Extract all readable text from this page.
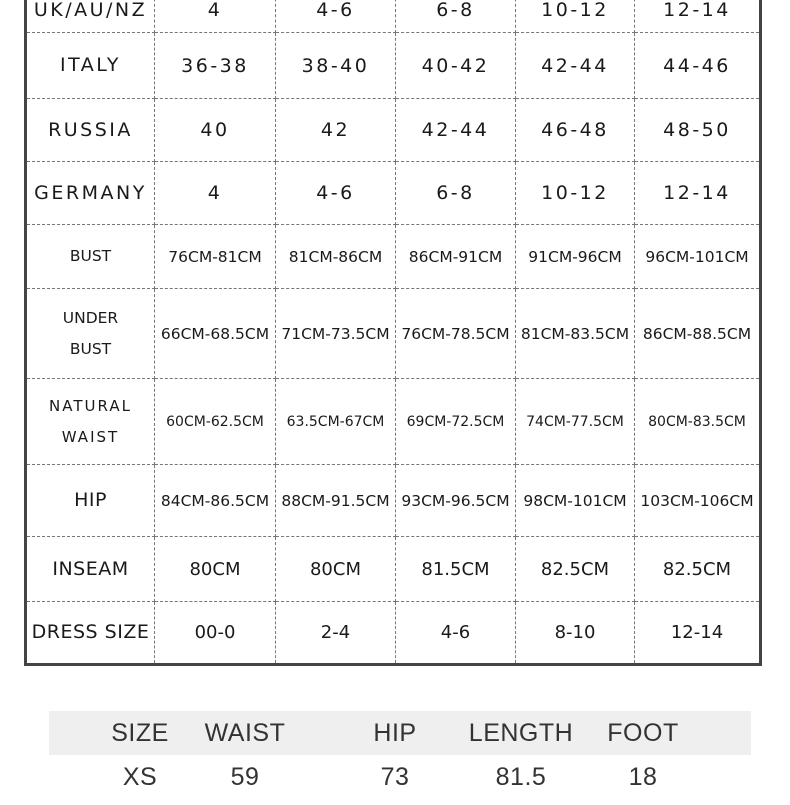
UK/AU/NZ	4	4-6	6-8	10-12	12-14
ITALY	36-38	38-40	40-42	42-44	44-46
RUSSIA	40	42	42-44	46-48	48-50
GERMANY	4	4-6	6-8	10-12	12-14
BUST	76CM-81CM	81CM-86CM	86CM-91CM	91CM-96CM	96CM-101CM
UNDER
BUST
66CM-68.5CM 71CM-73.5CM 76CM-78.5CM 81CM-83.5CM 86CM-88.5CM
NATURAL
WAIST
60CM-62.5CM	63.5CM-67CM	69CM-72.5CM	74CM-77.5CM	80CM-83.5CM
HIP	84CM-86.5CM 88CM-91.5CM 93CM-96.5CM 98CM-101CM 103CM-106CM
INSEAM	80CM	80CM	81.5CM	82.5CM	82.5CM
DRESS SIZE	00-0	2-4	4-6	8-10	12-14
SIZE	WAIST	HIP	LENGTH	FOOT
XS	59	73	81.5	18
